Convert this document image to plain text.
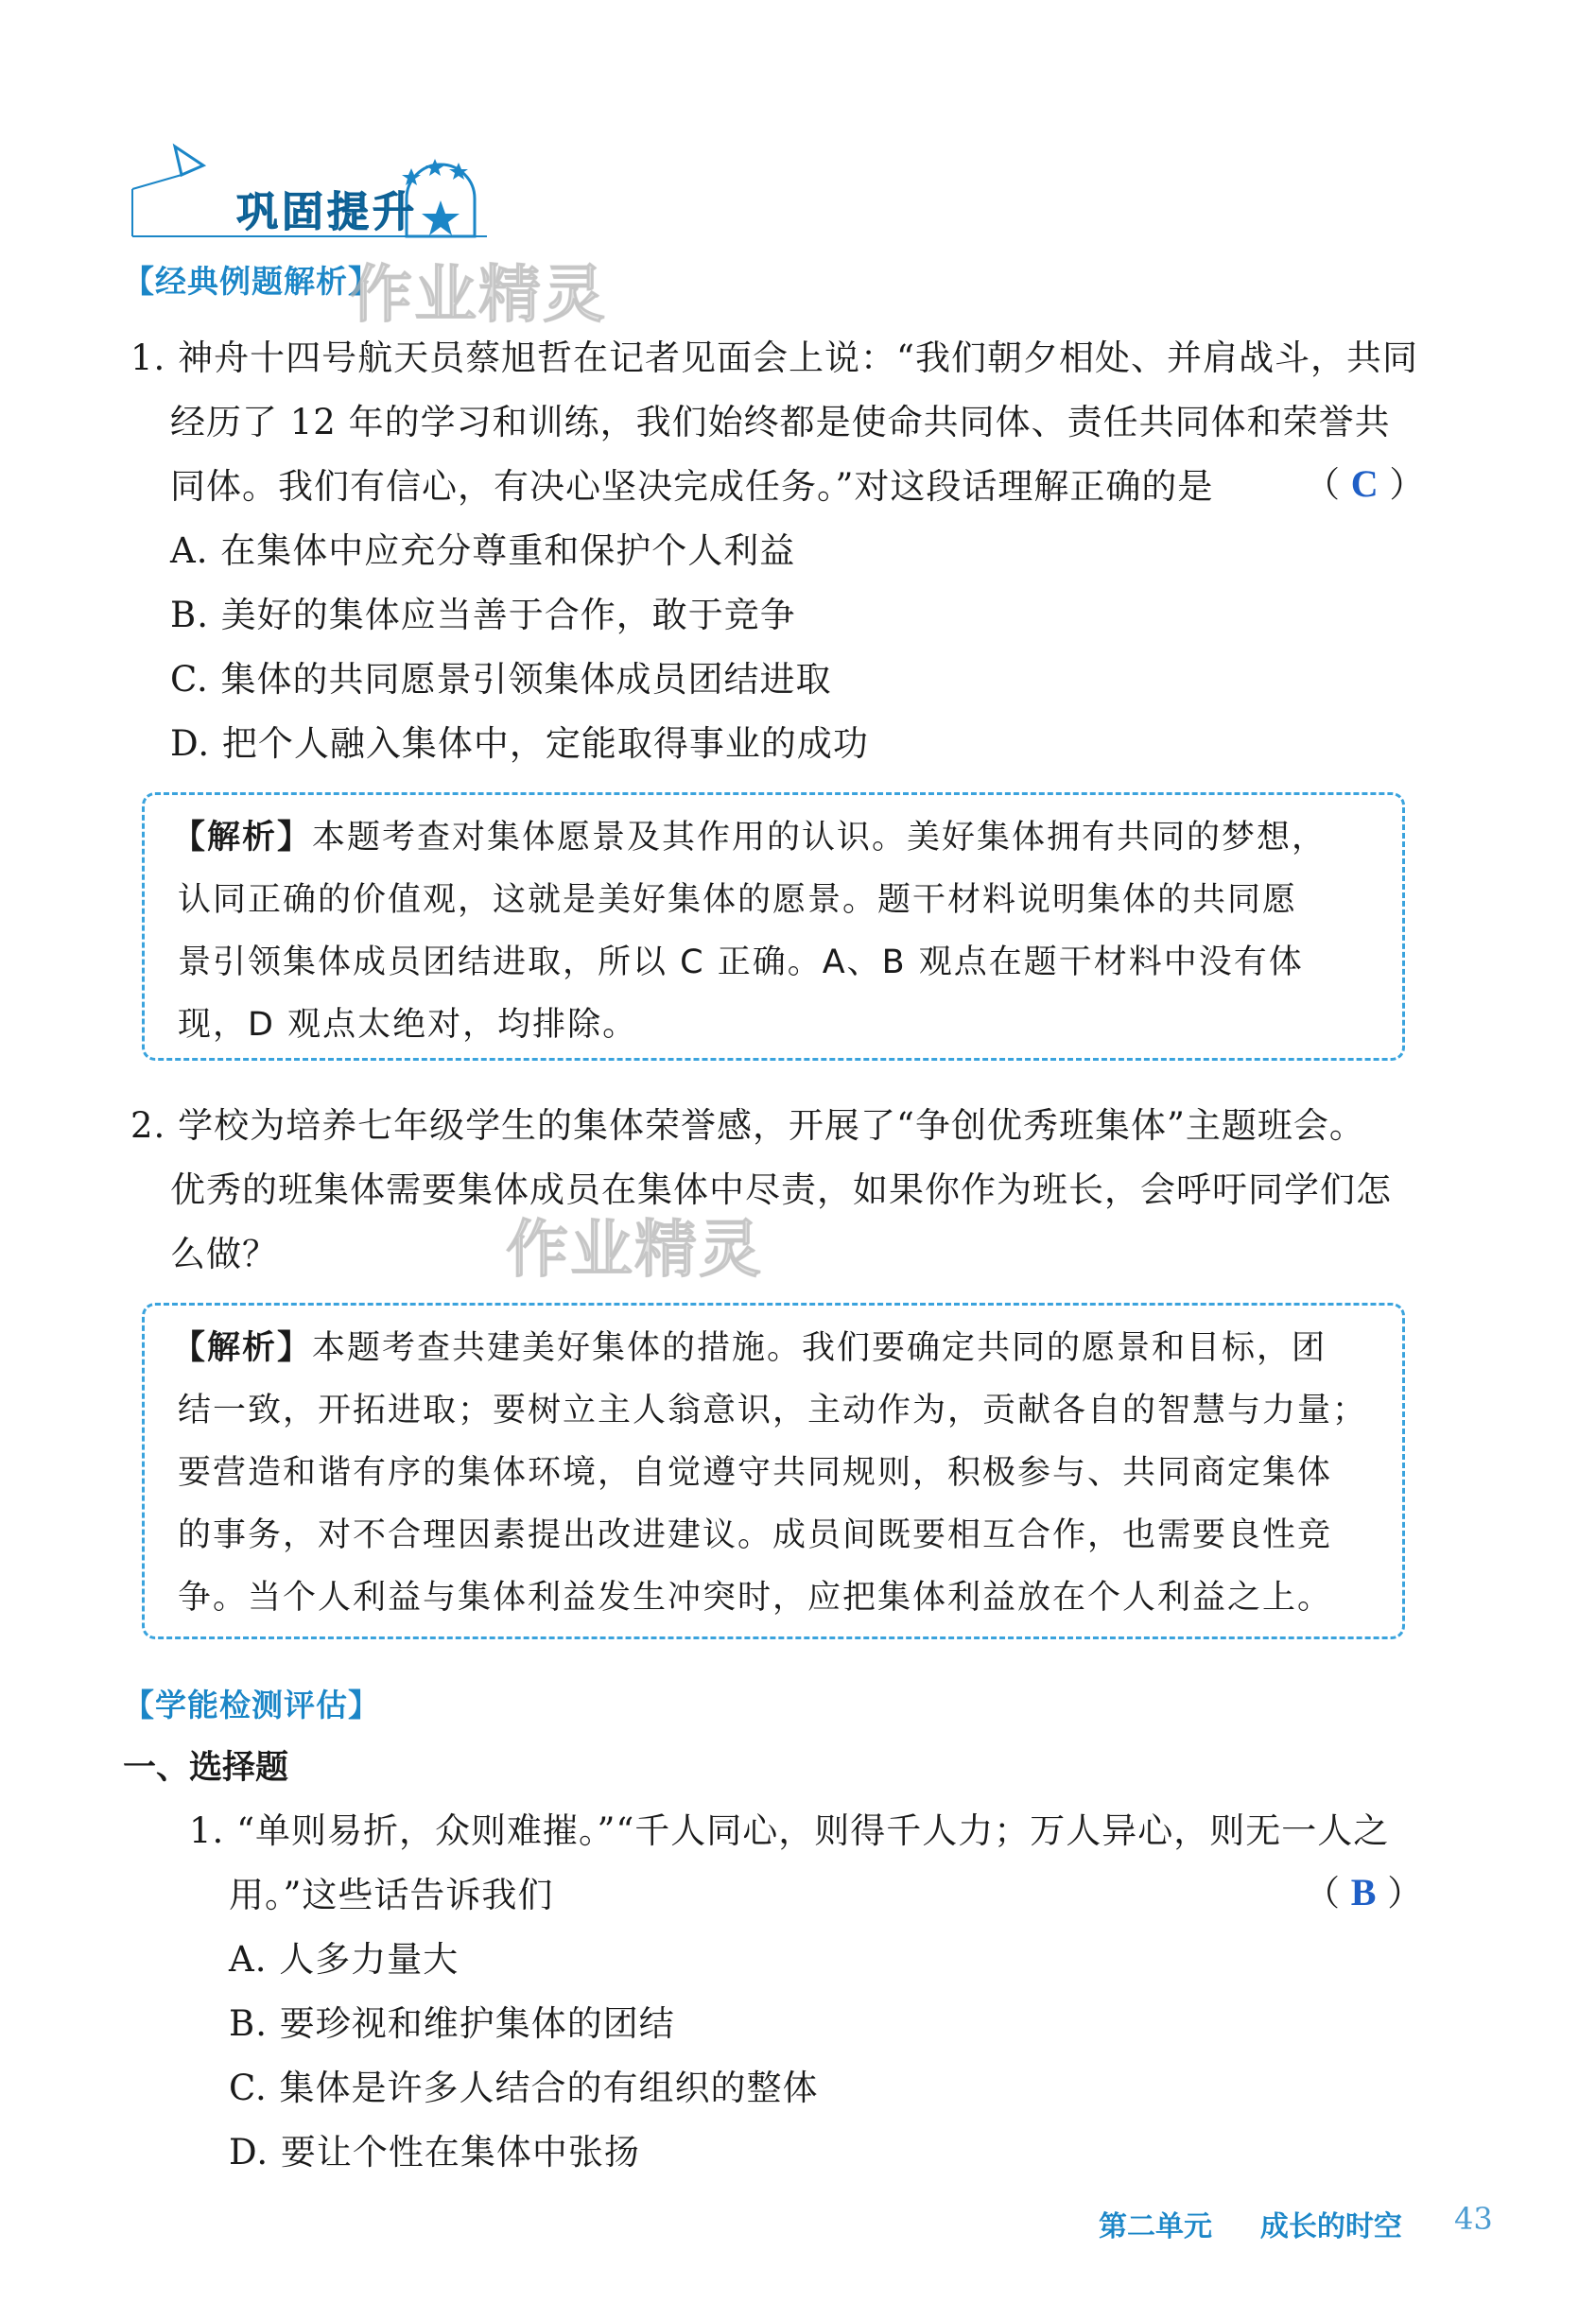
巩固提升
【经典例题解析】
作业精灵
1. 神舟十四号航天员蔡旭哲在记者见面会上说：“我们朝夕相处、并肩战斗，共同
经历了 12 年的学习和训练，我们始终都是使命共同体、责任共同体和荣誉共
同体。我们有信心，有决心坚决完成任务。”对这段话理解正确的是	（ C ）
A. 在集体中应充分尊重和保护个人利益
B. 美好的集体应当善于合作，敢于竞争
C. 集体的共同愿景引领集体成员团结进取
D. 把个人融入集体中，定能取得事业的成功
【解析】本题考查对集体愿景及其作用的认识。美好集体拥有共同的梦想，
认同正确的价值观，这就是美好集体的愿景。题干材料说明集体的共同愿
景引领集体成员团结进取，所以 C 正确。A、B 观点在题干材料中没有体
现，D 观点太绝对，均排除。
2. 学校为培养七年级学生的集体荣誉感，开展了“争创优秀班集体”主题班会。
优秀的班集体需要集体成员在集体中尽责，如果你作为班长，会呼吁同学们怎
么做？	作业精灵
【解析】本题考查共建美好集体的措施。我们要确定共同的愿景和目标，团
结一致，开拓进取；要树立主人翁意识，主动作为，贡献各自的智慧与力量；
要营造和谐有序的集体环境，自觉遵守共同规则，积极参与、共同商定集体
的事务，对不合理因素提出改进建议。成员间既要相互合作，也需要良性竞
争。当个人利益与集体利益发生冲突时，应把集体利益放在个人利益之上。
【学能检测评估】
一、选择题
1. “单则易折，众则难摧。”“千人同心，则得千人力；万人异心，则无一人之
用。”这些话告诉我们	（ B ）
A. 人多力量大
B. 要珍视和维护集体的团结
C. 集体是许多人结合的有组织的整体
D. 要让个性在集体中张扬
第二单元 成长的时空 43
